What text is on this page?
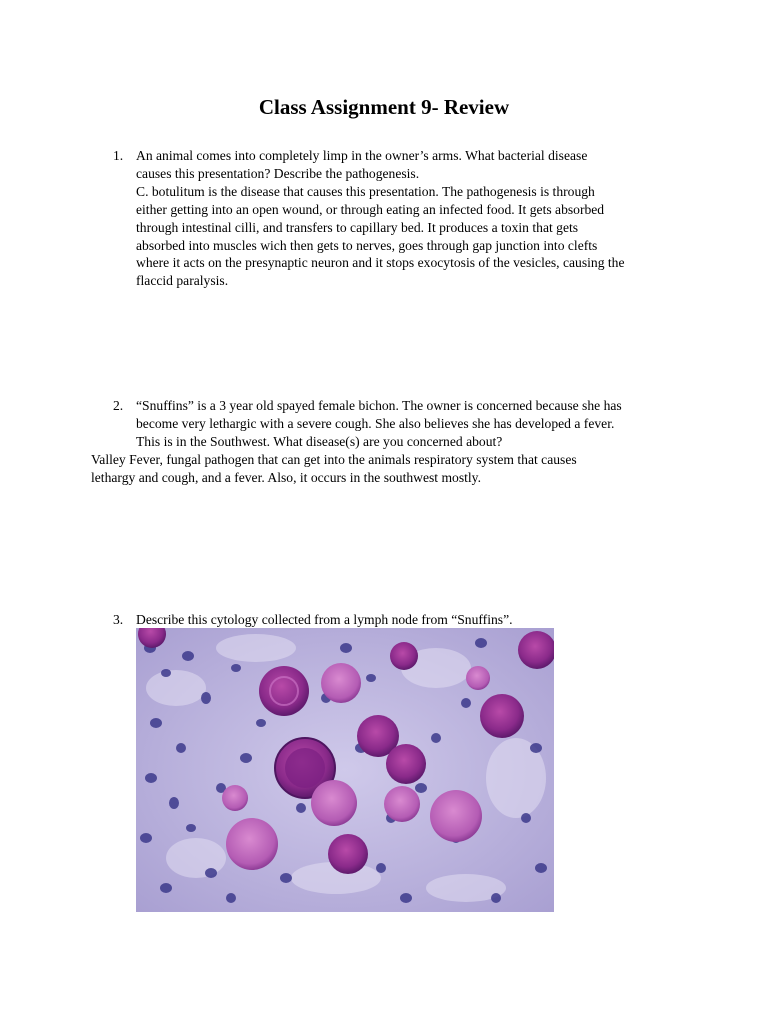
Class Assignment 9- Review
1. An animal comes into completely limp in the owner’s arms. What bacterial disease
causes this presentation? Describe the pathogenesis.
C. botulitum is the disease that causes this presentation. The pathogenesis is through
either getting into an open wound, or through eating an infected food. It gets absorbed
through intestinal cilli, and transfers to capillary bed. It produces a toxin that gets
absorbed into muscles wich then gets to nerves, goes through gap junction into clefts
where it acts on the presynaptic neuron and it stops exocytosis of the vesicles, causing the
flaccid paralysis.
2. “Snuffins” is a 3 year old spayed female bichon. The owner is concerned because she has
become very lethargic with a severe cough. She also believes she has developed a fever.
This is in the Southwest. What disease(s) are you concerned about?
Valley Fever, fungal pathogen that can get into the animals respiratory system that causes
lethargy and cough, and a fever. Also, it occurs in the southwest mostly.
3. Describe this cytology collected from a lymph node from “Snuffins”.
